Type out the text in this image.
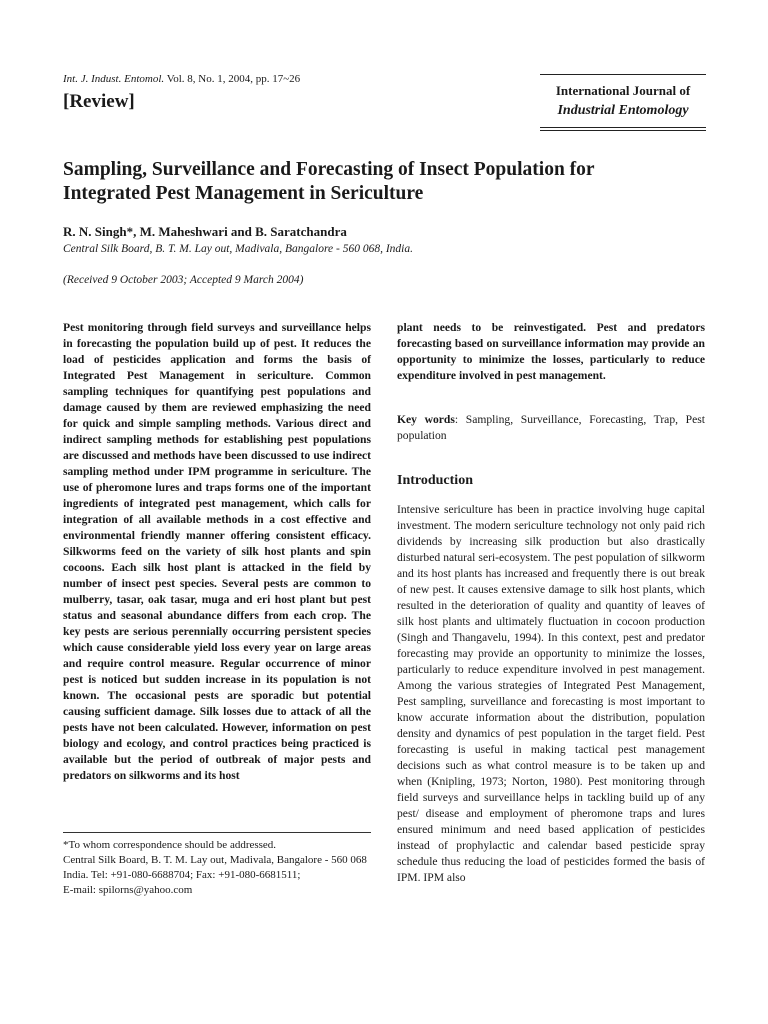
Int. J. Indust. Entomol. Vol. 8, No. 1, 2004, pp. 17~26
[Review]
International Journal of
Industrial Entomology
Sampling, Surveillance and Forecasting of Insect Population for Integrated Pest Management in Sericulture
R. N. Singh*, M. Maheshwari and B. Saratchandra
Central Silk Board, B. T. M. Lay out, Madivala, Bangalore - 560 068, India.
(Received 9 October 2003; Accepted 9 March 2004)
Pest monitoring through field surveys and surveillance helps in forecasting the population build up of pest. It reduces the load of pesticides application and forms the basis of Integrated Pest Management in sericulture. Common sampling techniques for quantifying pest populations and damage caused by them are reviewed emphasizing the need for quick and simple sampling methods. Various direct and indirect sampling methods for establishing pest populations are discussed and methods have been discussed to use indirect sampling method under IPM programme in sericulture. The use of pheromone lures and traps forms one of the important ingredients of integrated pest management, which calls for integration of all available methods in a cost effective and environmental friendly manner offering consistent efficacy. Silkworms feed on the variety of silk host plants and spin cocoons. Each silk host plant is attacked in the field by number of insect pest species. Several pests are common to mulberry, tasar, oak tasar, muga and eri host plant but pest status and seasonal abundance differs from each crop. The key pests are serious perennially occurring persistent species which cause considerable yield loss every year on large areas and require control measure. Regular occurrence of minor pest is noticed but sudden increase in its population is not known. The occasional pests are sporadic but potential causing sufficient damage. Silk losses due to attack of all the pests have not been calculated. However, information on pest biology and ecology, and control practices being practiced is available but the period of outbreak of major pests and predators on silkworms and its host
plant needs to be reinvestigated. Pest and predators forecasting based on surveillance information may provide an opportunity to minimize the losses, particularly to reduce expenditure involved in pest management.
Key words: Sampling, Surveillance, Forecasting, Trap, Pest population
Introduction
Intensive sericulture has been in practice involving huge capital investment. The modern sericulture technology not only paid rich dividends by increasing silk production but also drastically disturbed natural seri-ecosystem. The pest population of silkworm and its host plants has increased and frequently there is out break of new pest. It causes extensive damage to silk host plants, which resulted in the deterioration of quality and quantity of leaves of silk host plants and ultimately fluctuation in cocoon production (Singh and Thangavelu, 1994). In this context, pest and predator forecasting may provide an opportunity to minimize the losses, particularly to reduce expenditure involved in pest management. Among the various strategies of Integrated Pest Management, Pest sampling, surveillance and forecasting is most important to know accurate information about the distribution, population density and dynamics of pest population in the target field. Pest forecasting is useful in making tactical pest management decisions such as what control measure is to be taken up and when (Knipling, 1973; Norton, 1980). Pest monitoring through field surveys and surveillance helps in tackling build up of any pest/ disease and employment of pheromone traps and lures ensured minimum and need based application of pesticides instead of prophylactic and calendar based pesticide spray schedule thus reducing the load of pesticides formed the basis of IPM. IPM also
*To whom correspondence should be addressed.
Central Silk Board, B. T. M. Lay out, Madivala, Bangalore - 560 068 India. Tel: +91-080-6688704; Fax: +91-080-6681511;
E-mail: spilorns@yahoo.com
